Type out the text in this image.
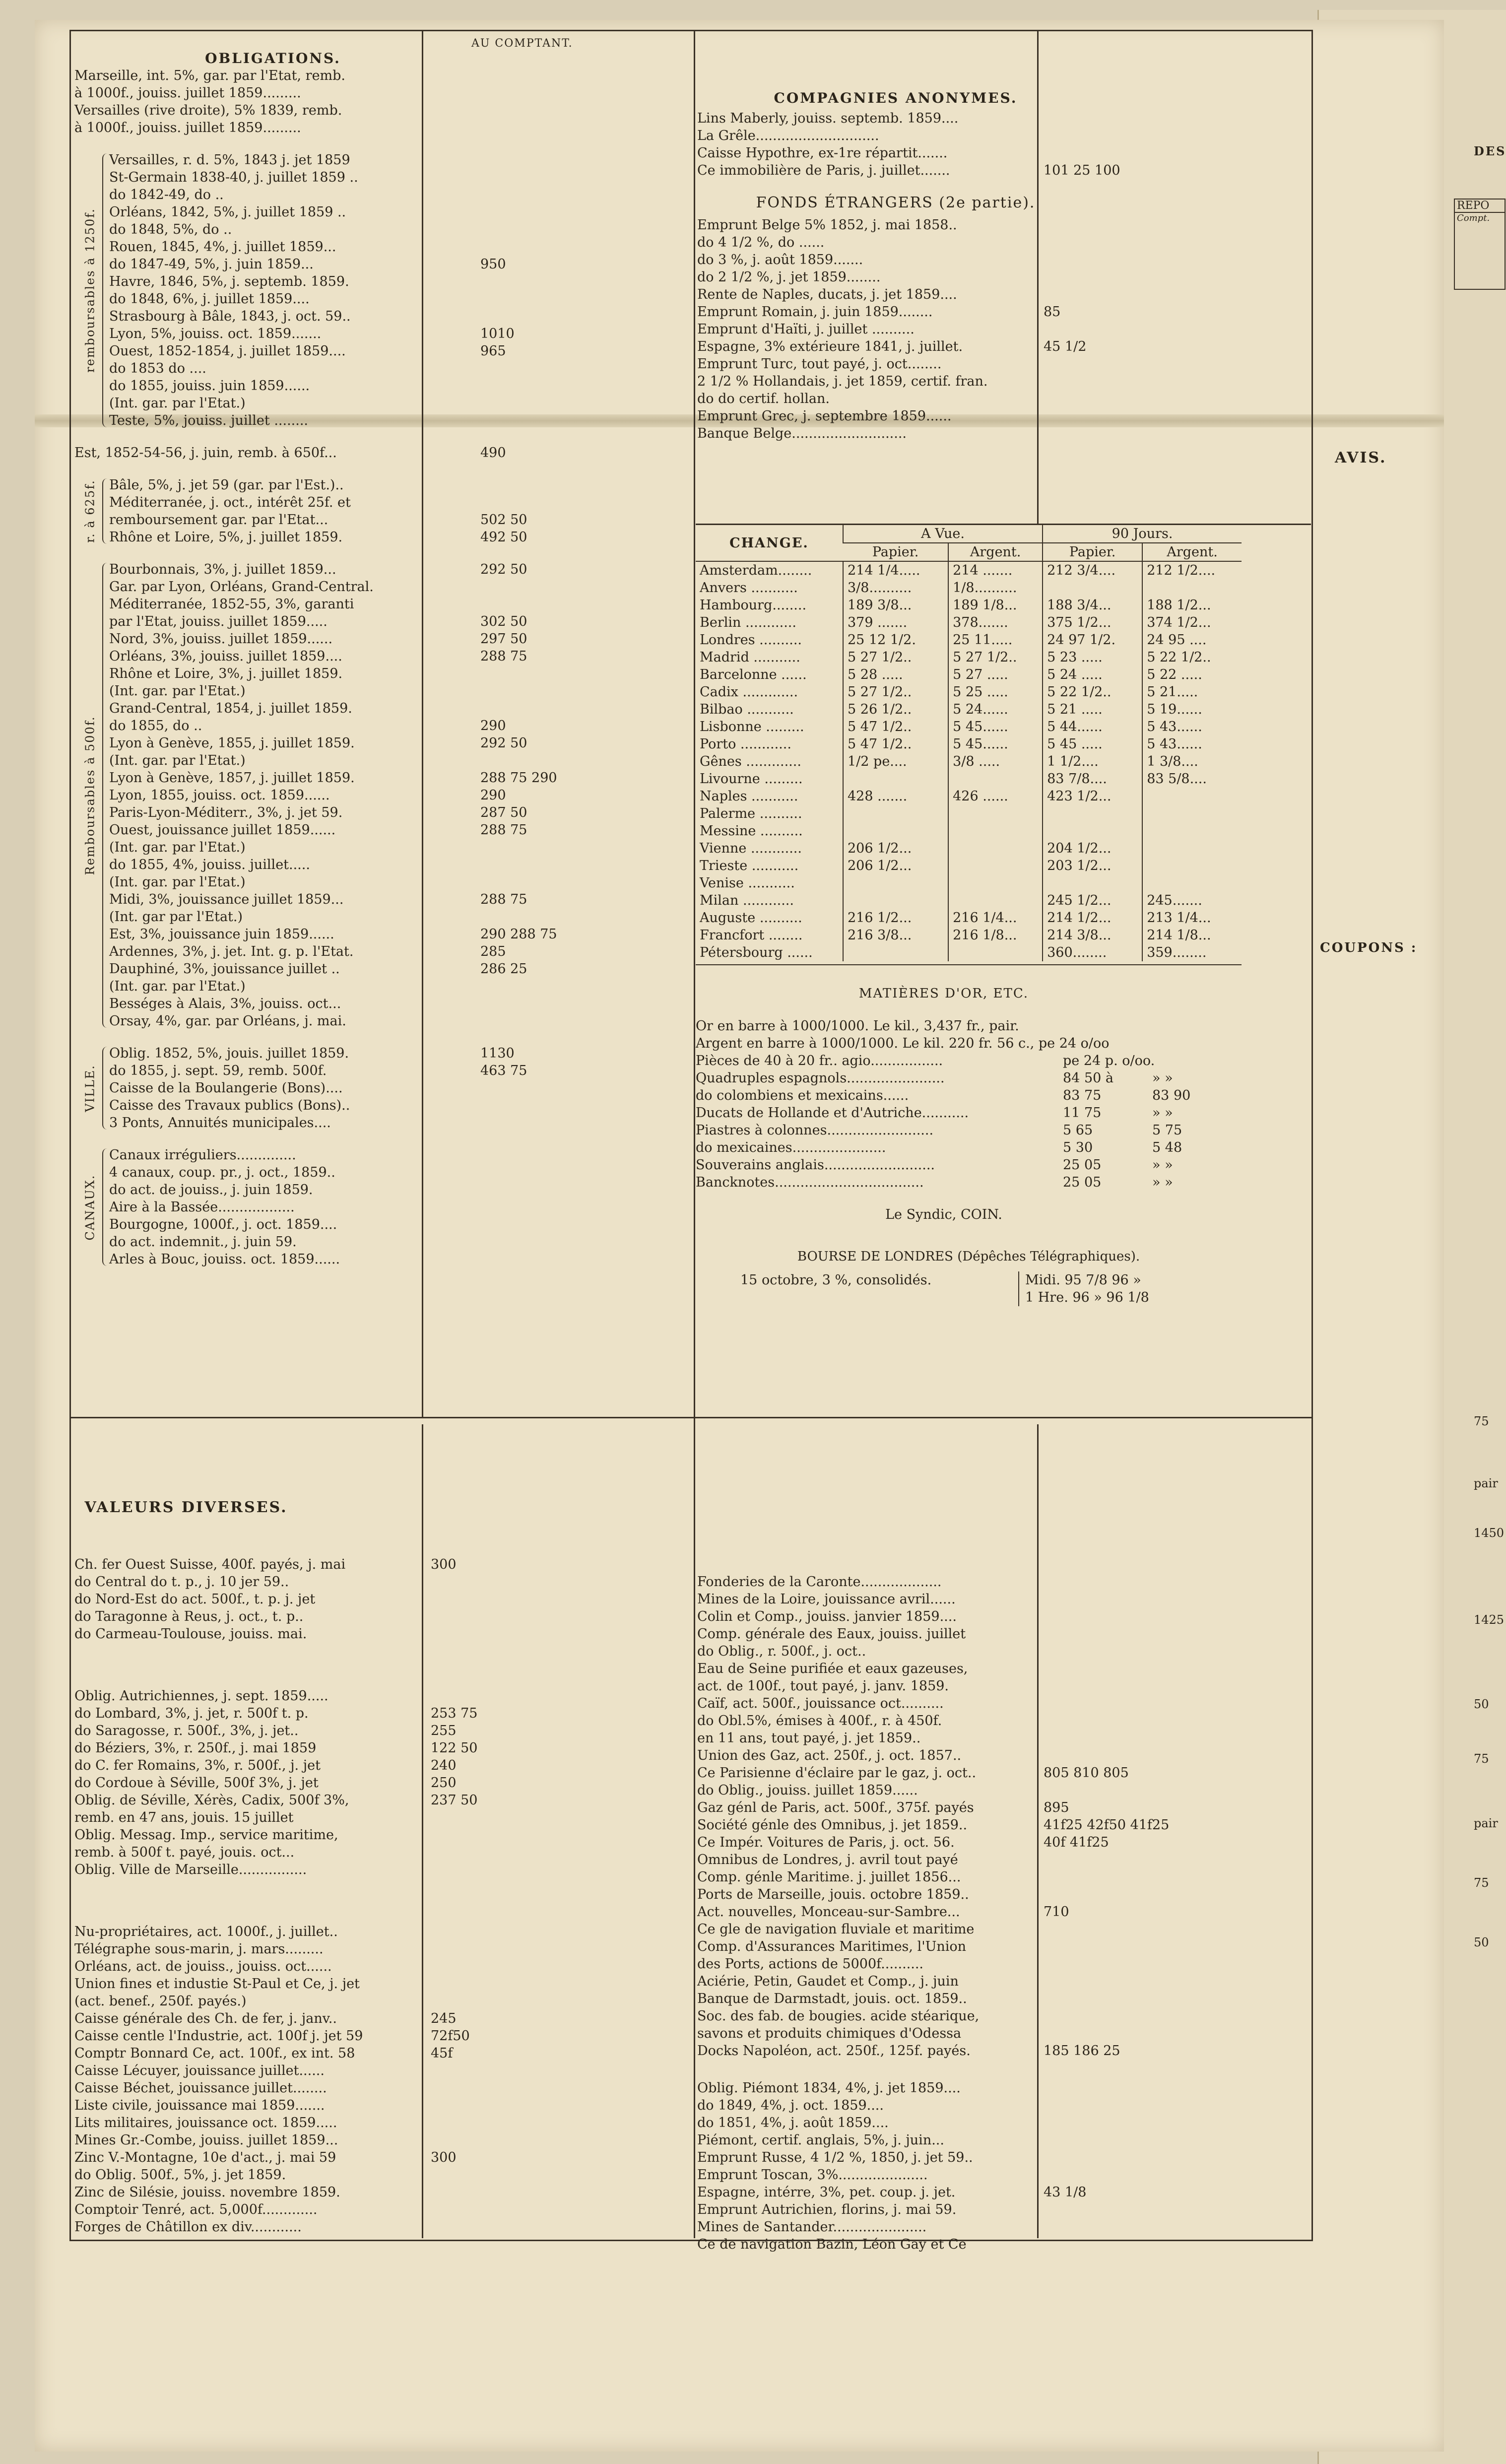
OBLIGATIONS.
AU COMPTANT.
Marseille, int. 5%, gar. par l'Etat, remb.
à 1000f., jouiss. juillet 1859.........
Versailles (rive droite), 5% 1839, remb.
à 1000f., jouiss. juillet 1859.........
remboursables à 1250f.
Versailles, r. d. 5%, 1843 j. jet 1859
St-Germain 1838-40, j. juillet 1859 ..
do 1842-49, do ..
Orléans, 1842, 5%, j. juillet 1859 ..
do 1848, 5%, do ..
Rouen, 1845, 4%, j. juillet 1859...
do 1847-49, 5%, j. juin 1859...	950
Havre, 1846, 5%, j. septemb. 1859.
do 1848, 6%, j. juillet 1859....
Strasbourg à Bâle, 1843, j. oct. 59..
Lyon, 5%, jouiss. oct. 1859.......	1010
Ouest, 1852-1854, j. juillet 1859....	965
do 1853 do ....
do 1855, jouiss. juin 1859......
(Int. gar. par l'Etat.)
Teste, 5%, jouiss. juillet ........
Est, 1852-54-56, j. juin, remb. à 650f...	490
r. à 625f. Bâle, 5%, j. jet 59 (gar. par l'Est.)..
Méditerranée, j. oct., intérêt 25f. et
remboursement gar. par l'Etat...	502 50
Rhône et Loire, 5%, j. juillet 1859.	492 50
Remboursables à 500f.
Bourbonnais, 3%, j. juillet 1859...	292 50
Gar. par Lyon, Orléans, Grand-Central.
Méditerranée, 1852-55, 3%, garanti
par l'Etat, jouiss. juillet 1859.....	302 50
Nord, 3%, jouiss. juillet 1859......	297 50
Orléans, 3%, jouiss. juillet 1859....	288 75
Rhône et Loire, 3%, j. juillet 1859.
(Int. gar. par l'Etat.)
Grand-Central, 1854, j. juillet 1859.
do 1855, do ..	290
Lyon à Genève, 1855, j. juillet 1859.	292 50
(Int. gar. par l'Etat.)
Lyon à Genève, 1857, j. juillet 1859.	288 75 290
Lyon, 1855, jouiss. oct. 1859......	290
Paris-Lyon-Méditerr., 3%, j. jet 59.	287 50
Ouest, jouissance juillet 1859......	288 75
(Int. gar. par l'Etat.)
do 1855, 4%, jouiss. juillet.....
(Int. gar. par l'Etat.)
Midi, 3%, jouissance juillet 1859...	288 75
(Int. gar par l'Etat.)
Est, 3%, jouissance juin 1859......	290 288 75
Ardennes, 3%, j. jet. Int. g. p. l'Etat.	285
Dauphiné, 3%, jouissance juillet ..	286 25
(Int. gar. par l'Etat.)
Bességes à Alais, 3%, jouiss. oct...
Orsay, 4%, gar. par Orléans, j. mai.
VILLE.
Oblig. 1852, 5%, jouis. juillet 1859.	1130
do 1855, j. sept. 59, remb. 500f.	463 75
Caisse de la Boulangerie (Bons)....
Caisse des Travaux publics (Bons)..
3 Ponts, Annuités municipales....
CANAUX.
Canaux irréguliers..............
4 canaux, coup. pr., j. oct., 1859..
do act. de jouiss., j. juin 1859.
Aire à la Bassée..................
Bourgogne, 1000f., j. oct. 1859....
do act. indemnit., j. juin 59.
Arles à Bouc, jouiss. oct. 1859......
COMPAGNIES ANONYMES.
Lins Maberly, jouiss. septemb. 1859....
La Grêle.............................
Caisse Hypothre, ex-1re répartit.......
Ce immobilière de Paris, j. juillet.......	101 25 100
FONDS ÉTRANGERS (2e partie).
Emprunt Belge 5% 1852, j. mai 1858..
do 4 1/2 %, do ......
do 3 %, j. août 1859.......
do 2 1/2 %, j. jet 1859........
Rente de Naples, ducats, j. jet 1859....
Emprunt Romain, j. juin 1859........	85
Emprunt d'Haïti, j. juillet ..........
Espagne, 3% extérieure 1841, j. juillet.	45 1/2
Emprunt Turc, tout payé, j. oct........
2 1/2 % Hollandais, j. jet 1859, certif. fran.
do do certif. hollan.
Emprunt Grec, j. septembre 1859......
Banque Belge...........................
CHANGE.	A Vue.		90 Jours.	
	Papier.	Argent.	Papier.	Argent.
Amsterdam........	214 1/4.....	214 .......	212 3/4....	212 1/2....
Anvers ...........	3/8..........	1/8..........		
Hambourg........	189 3/8...	189 1/8...	188 3/4...	188 1/2...
Berlin ............	379 .......	378.......	375 1/2...	374 1/2...
Londres ..........	25 12 1/2.	25 11.....	24 97 1/2.	24 95 ....
Madrid ...........	5 27 1/2..	5 27 1/2..	5 23 .....	5 22 1/2..
Barcelonne ......	5 28 .....	5 27 .....	5 24 .....	5 22 .....
Cadix .............	5 27 1/2..	5 25 .....	5 22 1/2..	5 21.....
Bilbao ...........	5 26 1/2..	5 24......	5 21 .....	5 19......
Lisbonne .........	5 47 1/2..	5 45......	5 44......	5 43......
Porto ............	5 47 1/2..	5 45......	5 45 .....	5 43......
Gênes .............	1/2 pe....	3/8 .....	1 1/2....	1 3/8....
Livourne .........			83 7/8....	83 5/8....
Naples ...........	428 .......	426 ......	423 1/2...	
Palerme ..........				
Messine ..........				
Vienne ............	206 1/2...		204 1/2...	
Trieste ...........	206 1/2...		203 1/2...	
Venise ...........				
Milan ............			245 1/2...	245.......
Auguste ..........	216 1/2...	216 1/4...	214 1/2...	213 1/4...
Francfort ........	216 3/8...	216 1/8...	214 3/8...	214 1/8...
Pétersbourg ......			360........	359........
MATIÈRES D'OR, ETC.
Or en barre à 1000/1000. Le kil., 3,437 fr., pair.
Argent en barre à 1000/1000. Le kil. 220 fr. 56 c., pe 24 o/oo
Pièces de 40 à 20 fr.. agio.................	pe 24 p. o/oo.
Quadruples espagnols.......................	84 50 à	» »
do colombiens et mexicains......	83 75	83 90
Ducats de Hollande et d'Autriche...........	11 75	» »
Piastres à colonnes.........................	5 65	5 75
do mexicaines......................	5 30	5 48
Souverains anglais..........................	25 05	» »
Bancknotes...................................	25 05	» »
Le Syndic, COIN.
BOURSE DE LONDRES (Dépêches Télégraphiques).
15 octobre, 3 %, consolidés.	Midi. 95 7/8 96 »
1 Hre. 96 » 96 1/8
VALEURS DIVERSES.
Ch. fer Ouest Suisse, 400f. payés, j. mai	300
do Central do t. p., j. 10 jer 59..
do Nord-Est do act. 500f., t. p. j. jet
do Taragonne à Reus, j. oct., t. p..
do Carmeau-Toulouse, jouiss. mai.
Oblig. Autrichiennes, j. sept. 1859.....
do Lombard, 3%, j. jet, r. 500f t. p.	253 75
do Saragosse, r. 500f., 3%, j. jet..	255
do Béziers, 3%, r. 250f., j. mai 1859	122 50
do C. fer Romains, 3%, r. 500f., j. jet	240
do Cordoue à Séville, 500f 3%, j. jet	250
Oblig. de Séville, Xérès, Cadix, 500f 3%,	237 50
remb. en 47 ans, jouis. 15 juillet
Oblig. Messag. Imp., service maritime,
remb. à 500f t. payé, jouis. oct...
Oblig. Ville de Marseille................
Nu-propriétaires, act. 1000f., j. juillet..
Télégraphe sous-marin, j. mars.........
Orléans, act. de jouiss., jouiss. oct......
Union fines et industie St-Paul et Ce, j. jet
(act. benef., 250f. payés.)
Caisse générale des Ch. de fer, j. janv..	245
Caisse centle l'Industrie, act. 100f j. jet 59	72f50
Comptr Bonnard Ce, act. 100f., ex int. 58	45f
Caisse Lécuyer, jouissance juillet......
Caisse Béchet, jouissance juillet........
Liste civile, jouissance mai 1859.......
Lits militaires, jouissance oct. 1859.....
Mines Gr.-Combe, jouiss. juillet 1859...
Zinc V.-Montagne, 10e d'act., j. mai 59	300
do Oblig. 500f., 5%, j. jet 1859.
Zinc de Silésie, jouiss. novembre 1859.
Comptoir Tenré, act. 5,000f.............
Forges de Châtillon ex div............
Fonderies de la Caronte...................
Mines de la Loire, jouissance avril......
Colin et Comp., jouiss. janvier 1859....
Comp. générale des Eaux, jouiss. juillet
do Oblig., r. 500f., j. oct..
Eau de Seine purifiée et eaux gazeuses,
act. de 100f., tout payé, j. janv. 1859.
Caïf, act. 500f., jouissance oct..........
do Obl.5%, émises à 400f., r. à 450f.
en 11 ans, tout payé, j. jet 1859..
Union des Gaz, act. 250f., j. oct. 1857..
Ce Parisienne d'éclaire par le gaz, j. oct..	805 810 805
do Oblig., jouiss. juillet 1859......
Gaz génl de Paris, act. 500f., 375f. payés	895
Société génle des Omnibus, j. jet 1859..	41f25 42f50 41f25
Ce Impér. Voitures de Paris, j. oct. 56.	40f 41f25
Omnibus de Londres, j. avril tout payé
Comp. génle Maritime. j. juillet 1856...
Ports de Marseille, jouis. octobre 1859..
Act. nouvelles, Monceau-sur-Sambre...	710
Ce gle de navigation fluviale et maritime
Comp. d'Assurances Maritimes, l'Union
des Ports, actions de 5000f..........
Aciérie, Petin, Gaudet et Comp., j. juin
Banque de Darmstadt, jouis. oct. 1859..
Soc. des fab. de bougies. acide stéarique,
savons et produits chimiques d'Odessa
Docks Napoléon, act. 250f., 125f. payés.	185 186 25
Oblig. Piémont 1834, 4%, j. jet 1859....
do 1849, 4%, j. oct. 1859....
do 1851, 4%, j. août 1859....
Piémont, certif. anglais, 5%, j. juin...
Emprunt Russe, 4 1/2 %, 1850, j. jet 59..
Emprunt Toscan, 3%.....................
Espagne, intérre, 3%, pet. coup. j. jet.	43 1/8
Emprunt Autrichien, florins, j. mai 59.
Mines de Santander......................
Ce de navigation Bazin, Léon Gay et Ce
AVIS.
COUPONS :
DES
REPO
Compt.
75
pair
1450
1425
50
75
pair
75
50
